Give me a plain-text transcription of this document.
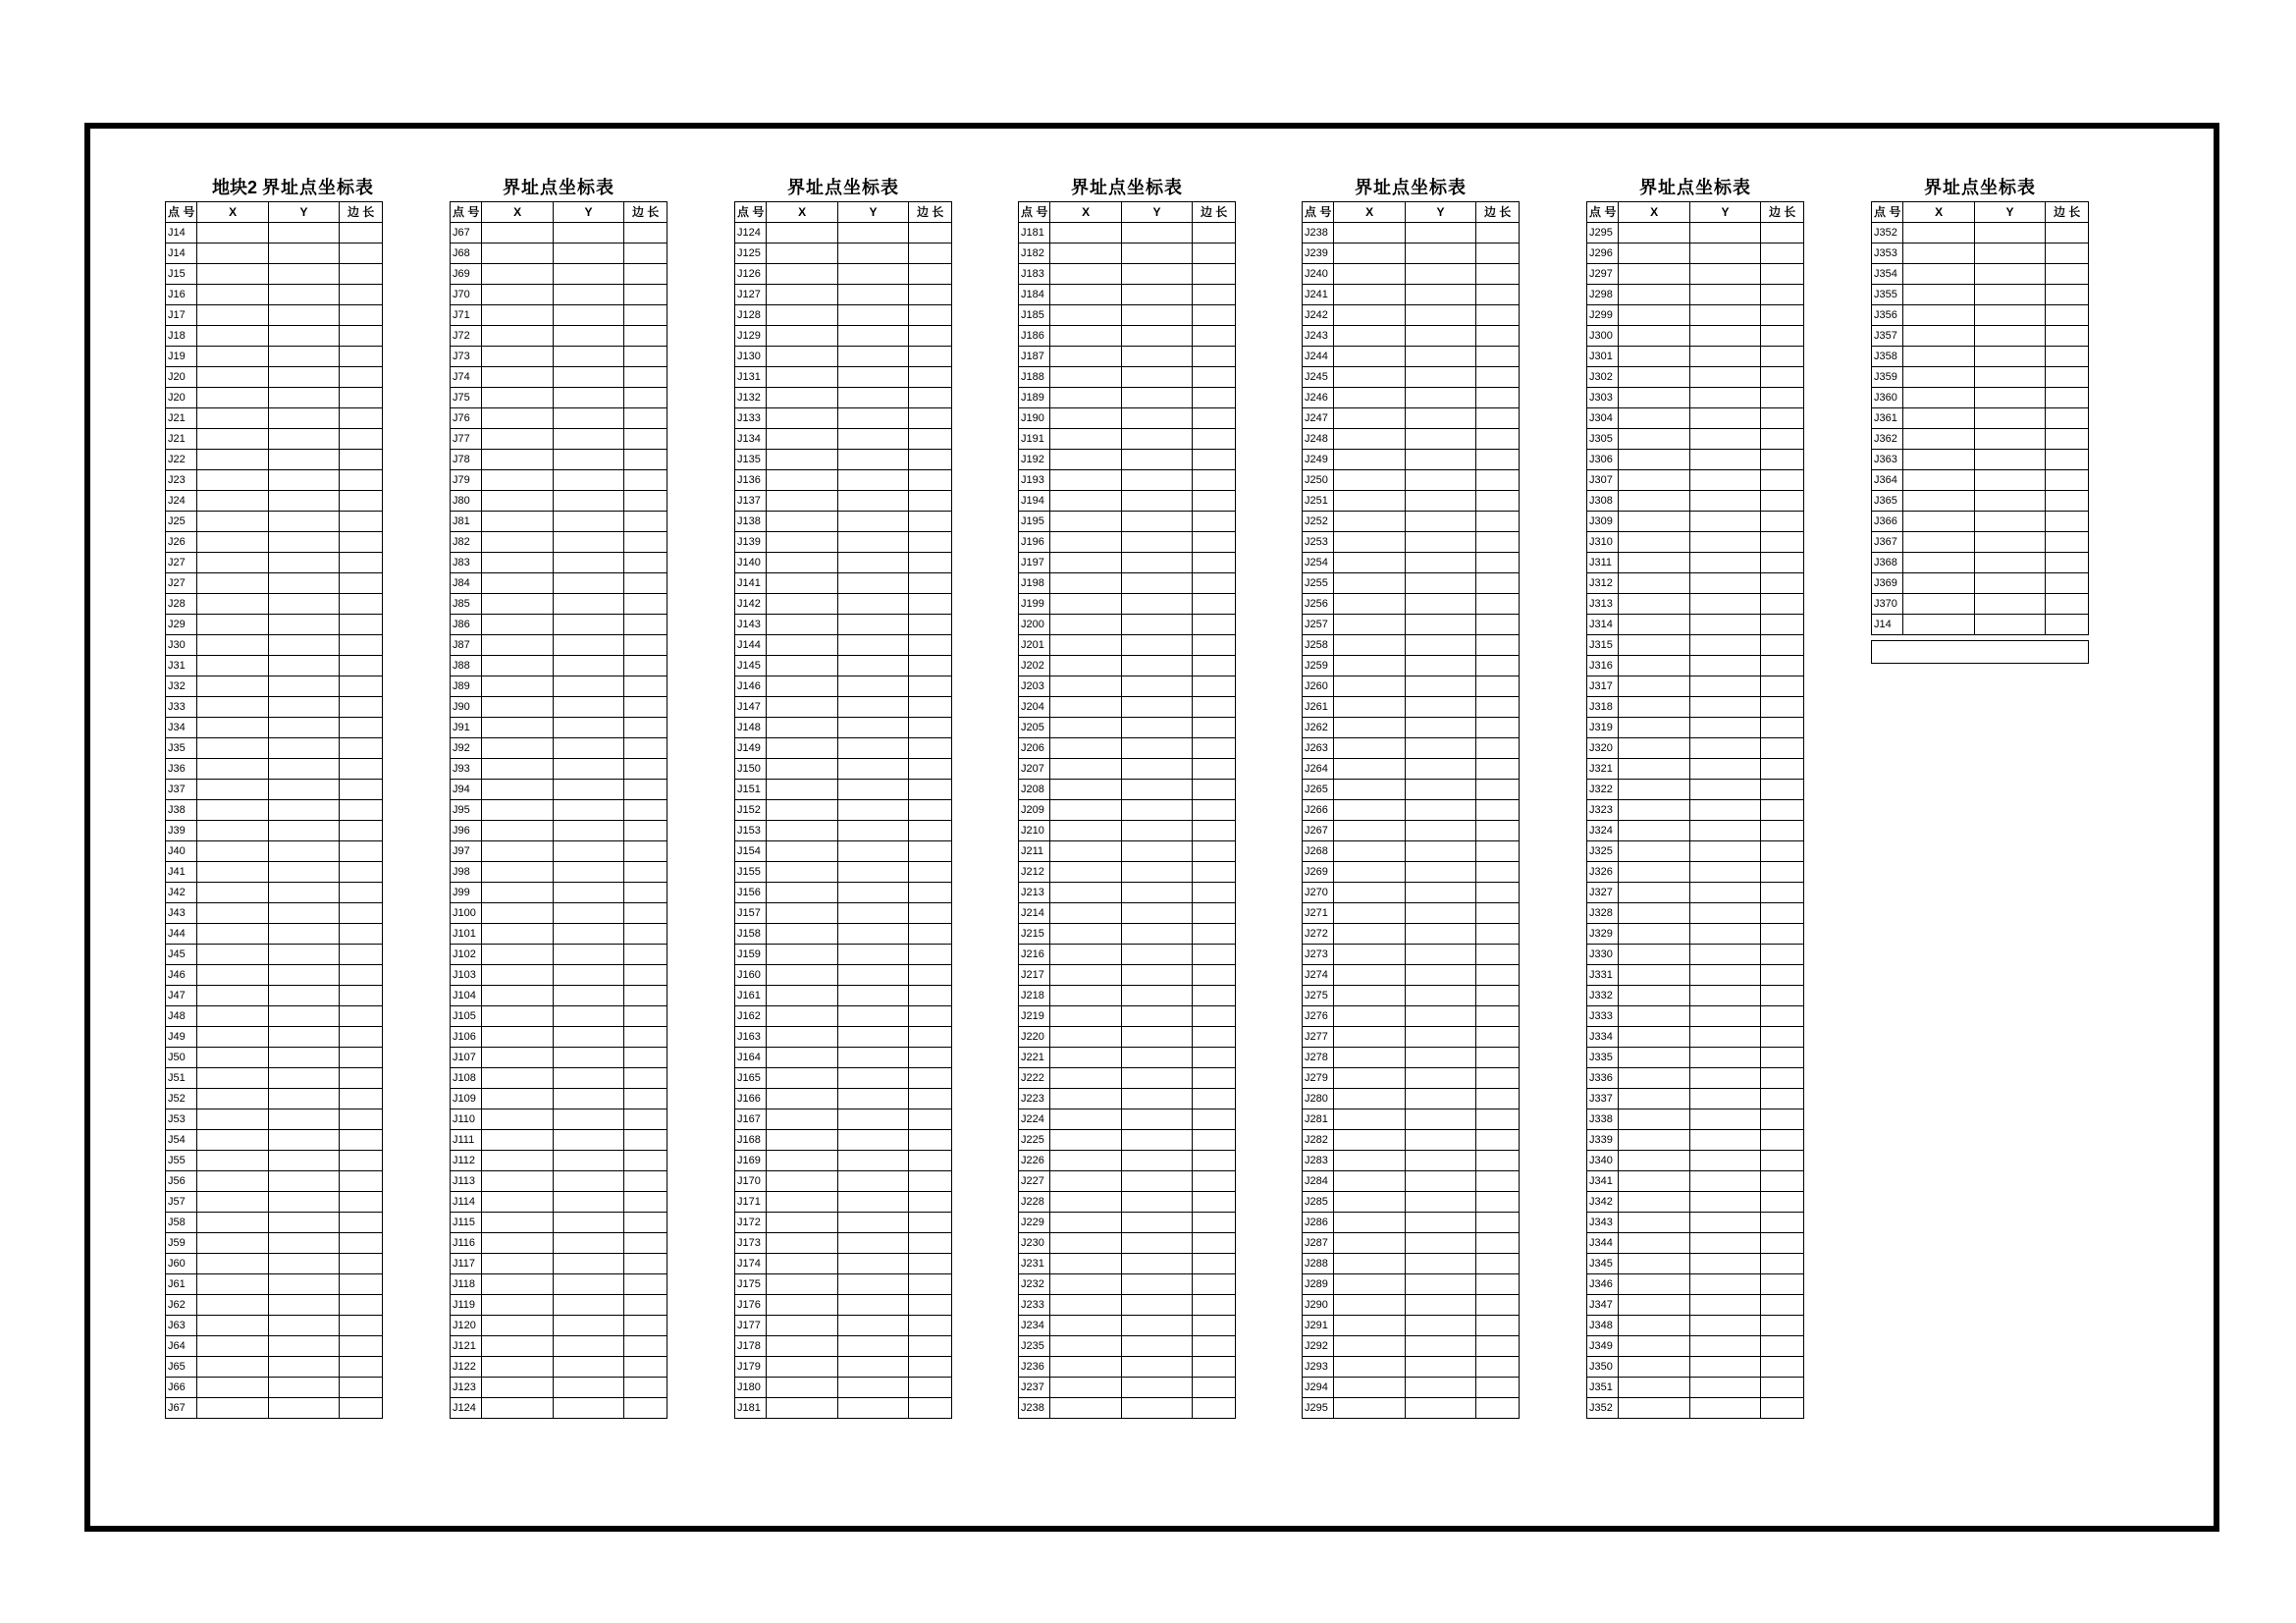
界址点坐标表
地块2
点 号	X	Y	边 长
J14			
J14			
J15			
J16			
J17			
J18			
J19			
J20			
J20			
J21			
J21			
J22			
J23			
J24			
J25			
J26			
J27			
J27			
J28			
J29			
J30			
J31			
J32			
J33			
J34			
J35			
J36			
J37			
J38			
J39			
J40			
J41			
J42			
J43			
J44			
J45			
J46			
J47			
J48			
J49			
J50			
J51			
J52			
J53			
J54			
J55			
J56			
J57			
J58			
J59			
J60			
J61			
J62			
J63			
J64			
J65			
J66			
J67			
界址点坐标表
点 号	X	Y	边 长
J67			
J68			
J69			
J70			
J71			
J72			
J73			
J74			
J75			
J76			
J77			
J78			
J79			
J80			
J81			
J82			
J83			
J84			
J85			
J86			
J87			
J88			
J89			
J90			
J91			
J92			
J93			
J94			
J95			
J96			
J97			
J98			
J99			
J100			
J101			
J102			
J103			
J104			
J105			
J106			
J107			
J108			
J109			
J110			
J111			
J112			
J113			
J114			
J115			
J116			
J117			
J118			
J119			
J120			
J121			
J122			
J123			
J124			
界址点坐标表
点 号	X	Y	边 长
J124			
J125			
J126			
J127			
J128			
J129			
J130			
J131			
J132			
J133			
J134			
J135			
J136			
J137			
J138			
J139			
J140			
J141			
J142			
J143			
J144			
J145			
J146			
J147			
J148			
J149			
J150			
J151			
J152			
J153			
J154			
J155			
J156			
J157			
J158			
J159			
J160			
J161			
J162			
J163			
J164			
J165			
J166			
J167			
J168			
J169			
J170			
J171			
J172			
J173			
J174			
J175			
J176			
J177			
J178			
J179			
J180			
J181			
界址点坐标表
点 号	X	Y	边 长
J181			
J182			
J183			
J184			
J185			
J186			
J187			
J188			
J189			
J190			
J191			
J192			
J193			
J194			
J195			
J196			
J197			
J198			
J199			
J200			
J201			
J202			
J203			
J204			
J205			
J206			
J207			
J208			
J209			
J210			
J211			
J212			
J213			
J214			
J215			
J216			
J217			
J218			
J219			
J220			
J221			
J222			
J223			
J224			
J225			
J226			
J227			
J228			
J229			
J230			
J231			
J232			
J233			
J234			
J235			
J236			
J237			
J238			
界址点坐标表
点 号	X	Y	边 长
J238			
J239			
J240			
J241			
J242			
J243			
J244			
J245			
J246			
J247			
J248			
J249			
J250			
J251			
J252			
J253			
J254			
J255			
J256			
J257			
J258			
J259			
J260			
J261			
J262			
J263			
J264			
J265			
J266			
J267			
J268			
J269			
J270			
J271			
J272			
J273			
J274			
J275			
J276			
J277			
J278			
J279			
J280			
J281			
J282			
J283			
J284			
J285			
J286			
J287			
J288			
J289			
J290			
J291			
J292			
J293			
J294			
J295			
界址点坐标表
点 号	X	Y	边 长
J295			
J296			
J297			
J298			
J299			
J300			
J301			
J302			
J303			
J304			
J305			
J306			
J307			
J308			
J309			
J310			
J311			
J312			
J313			
J314			
J315			
J316			
J317			
J318			
J319			
J320			
J321			
J322			
J323			
J324			
J325			
J326			
J327			
J328			
J329			
J330			
J331			
J332			
J333			
J334			
J335			
J336			
J337			
J338			
J339			
J340			
J341			
J342			
J343			
J344			
J345			
J346			
J347			
J348			
J349			
J350			
J351			
J352			
界址点坐标表
点 号	X	Y	边 长
J352			
J353			
J354			
J355			
J356			
J357			
J358			
J359			
J360			
J361			
J362			
J363			
J364			
J365			
J366			
J367			
J368			
J369			
J370			
J14			
